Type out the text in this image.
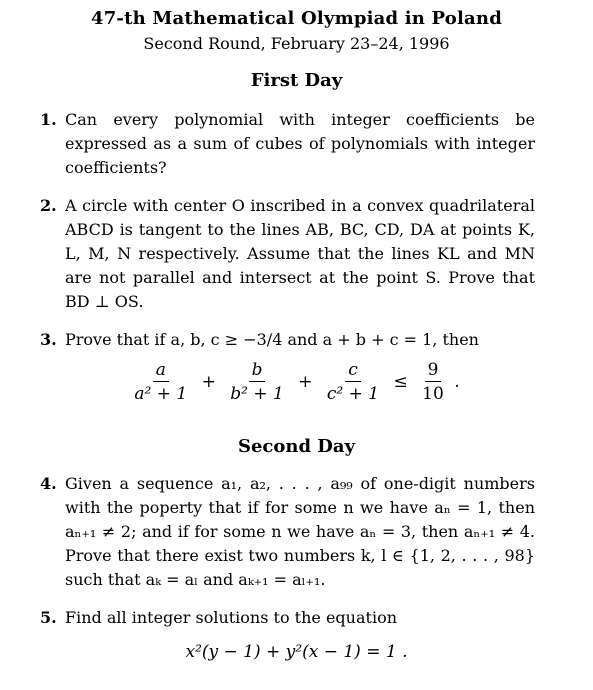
47-th Mathematical Olympiad in Poland
Second Round, February 23–24, 1996
First Day
1. Can every polynomial with integer coefficients be expressed as a sum of cubes of polynomials with integer coefficients?
2. A circle with center O inscribed in a convex quadrilateral ABCD is tangent to the lines AB, BC, CD, DA at points K, L, M, N respectively. Assume that the lines KL and MN are not parallel and intersect at the point S. Prove that BD ⊥ OS.
3. Prove that if a, b, c ≥ −3/4 and a + b + c = 1, then
$\frac{a}{\text{a² + 1}} + \frac{b}{\text{b² + 1}} + \frac{c}{\text{c² + 1}} \le \frac{9}{10}$ .
Second Day
4. Given a sequence a₁, a₂, . . . , a₉₉ of one-digit numbers with the poperty that if for some n we have aₙ = 1, then aₙ₊₁ ≠ 2; and if for some n we have aₙ = 3, then aₙ₊₁ ≠ 4. Prove that there exist two numbers k, l ∈ {1, 2, . . . , 98} such that aₖ = aₗ and aₖ₊₁ = aₗ₊₁.
5. Find all integer solutions to the equation
x²(y − 1) + y²(x − 1) = 1 .
